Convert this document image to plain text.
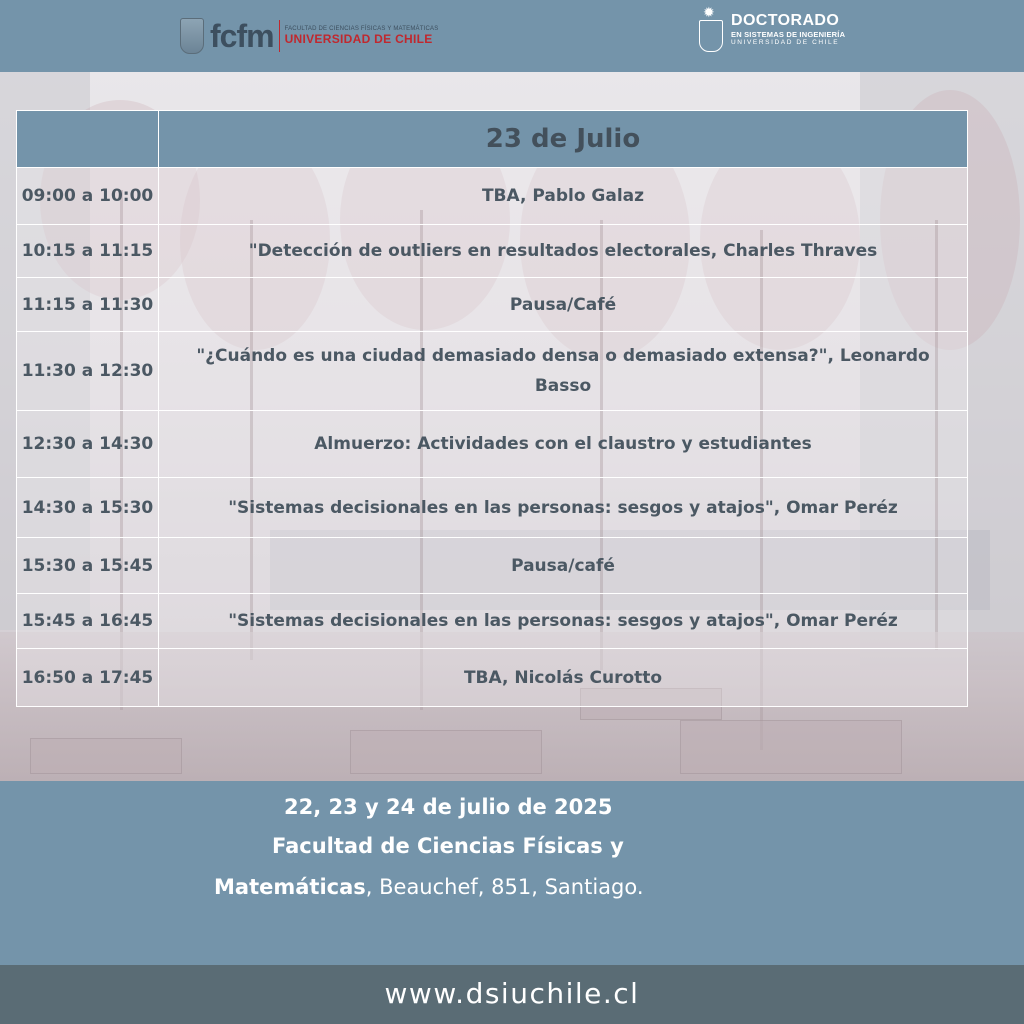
fcfm FACULTAD DE CIENCIAS FÍSICAS Y MATEMÁTICAS
UNIVERSIDAD DE CHILE
✹ DOCTORADO
EN SISTEMAS DE INGENIERÍA
UNIVERSIDAD DE CHILE
	23 de Julio
09:00 a 10:00	TBA, Pablo Galaz
10:15 a 11:15	"Detección de outliers en resultados electorales, Charles Thraves
11:15 a 11:30	Pausa/Café
11:30 a 12:30	"¿Cuándo es una ciudad demasiado densa o demasiado extensa?", Leonardo Basso
12:30 a 14:30	Almuerzo: Actividades con el claustro y estudiantes
14:30 a 15:30	"Sistemas decisionales en las personas: sesgos y atajos", Omar Peréz
15:30 a 15:45	Pausa/café
15:45 a 16:45	"Sistemas decisionales en las personas: sesgos y atajos", Omar Peréz
16:50 a 17:45	TBA, Nicolás Curotto
22, 23 y 24 de julio de 2025
Facultad de Ciencias Físicas y
Matemáticas, Beauchef, 851, Santiago.
www.dsiuchile.cl
